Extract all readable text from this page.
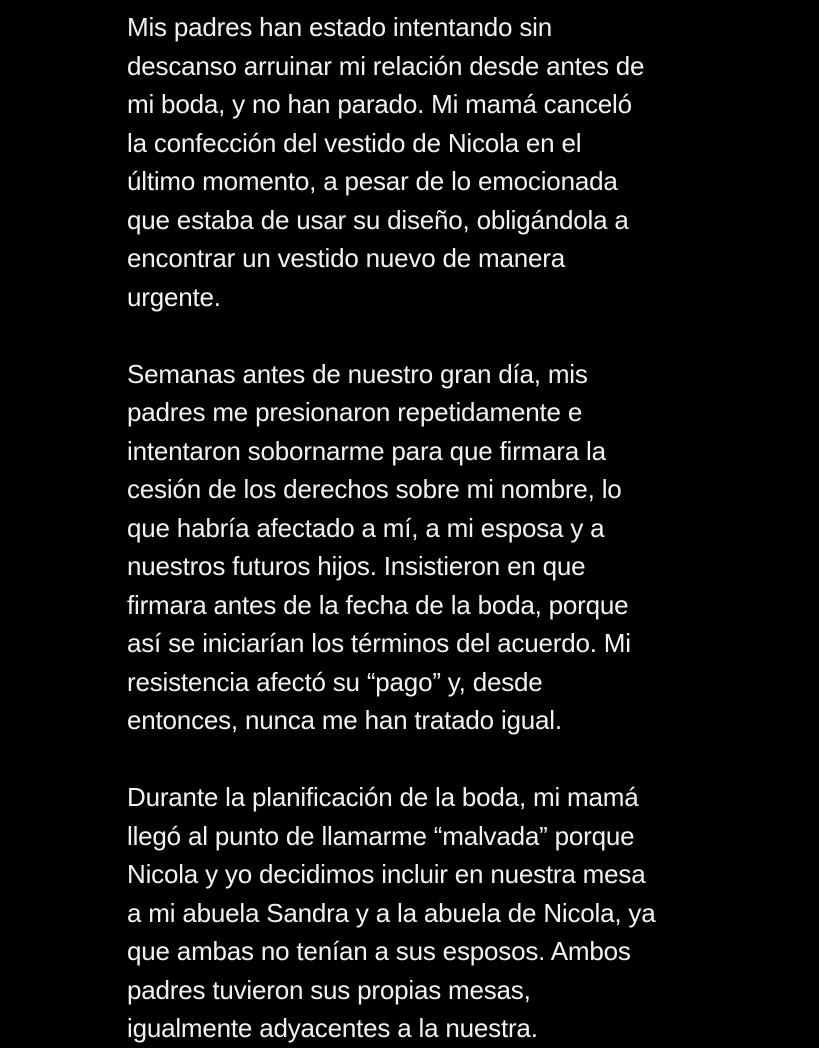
Mis padres han estado intentando sin
descanso arruinar mi relación desde antes de
mi boda, y no han parado. Mi mamá canceló
la confección del vestido de Nicola en el
último momento, a pesar de lo emocionada
que estaba de usar su diseño, obligándola a
encontrar un vestido nuevo de manera
urgente.

Semanas antes de nuestro gran día, mis
padres me presionaron repetidamente e
intentaron sobornarme para que firmara la
cesión de los derechos sobre mi nombre, lo
que habría afectado a mí, a mi esposa y a
nuestros futuros hijos. Insistieron en que
firmara antes de la fecha de la boda, porque
así se iniciarían los términos del acuerdo. Mi
resistencia afectó su “pago” y, desde
entonces, nunca me han tratado igual.

Durante la planificación de la boda, mi mamá
llegó al punto de llamarme “malvada” porque
Nicola y yo decidimos incluir en nuestra mesa
a mi abuela Sandra y a la abuela de Nicola, ya
que ambas no tenían a sus esposos. Ambos
padres tuvieron sus propias mesas,
igualmente adyacentes a la nuestra.
